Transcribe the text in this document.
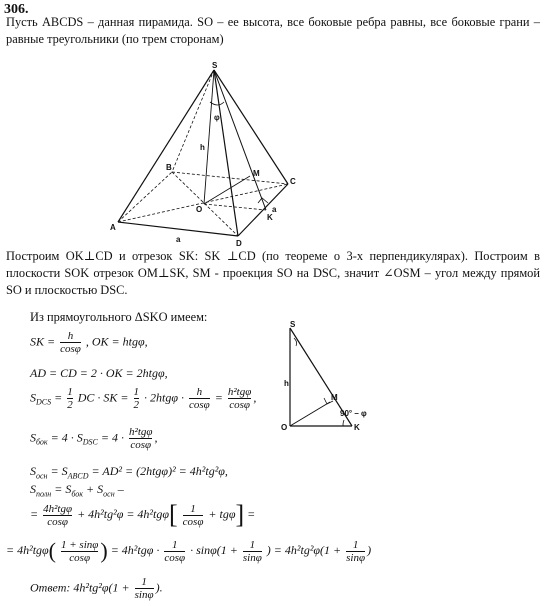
306.
Пусть ABCDS – данная пирамида. SO – ее высота, все боковые ребра равны, все боковые грани – равные треугольники (по трем сторонам)
A
B
C
D
S
O
K
M
h
φ
a
a
Построим OK⊥CD и отрезок SK: SK ⊥CD (по теореме о 3-х перпендикулярах). Построим в плоскости SOK отрезок OM⊥SK, SM - проекция SO на DSC, значит ∠OSM – угол между прямой SO и плоскостью DSC.
Из прямоугольного ΔSKO имеем:
S
O	K
M
h
90° – φ
SK = $\frac{h}{\cos\varphi}$ , OK = htgφ,
AD = CD = 2 · OK = 2htgφ,
$S_{DCS} = \frac{1}{2}$ DC · SK = $\frac{1}{2} \cdot 2htg\varphi \cdot \frac{h}{\cos\varphi} = \frac{\text{h²tgφ}}{\cos\varphi}$ ,
$S_{бок} = 4 \cdot S_{DSC} = 4 \cdot \frac{\text{h²tgφ}}{\cos\varphi}$ ,
$S_{осн} = S_{ABCD} = AD^2 = (2htg\varphi)^2 = 4h^2tg^2\varphi$,
$S_{полн} = S_{бок} + S_{осн}$ –
= $\frac{\text{4h²tgφ}}{\cos\varphi} + 4h^2tg^2\varphi = 4h^2tg\varphi[ \frac{1}{\cos\varphi} + tg\varphi]$ =
= $4h^2tg\varphi( \frac{1 + \sin\varphi}{\cos\varphi}$ ) = $4h^2tg\varphi \cdot \frac{1}{\cos\varphi} \cdot \sin\varphi(1 + \frac{1}{\sin\varphi}$ ) = $4h^2tg^2\varphi(1 + \frac{1}{\sin\varphi}$ )
Ответ: $4h^2tg^2\varphi(1 + \frac{1}{\sin\varphi}$ ).
